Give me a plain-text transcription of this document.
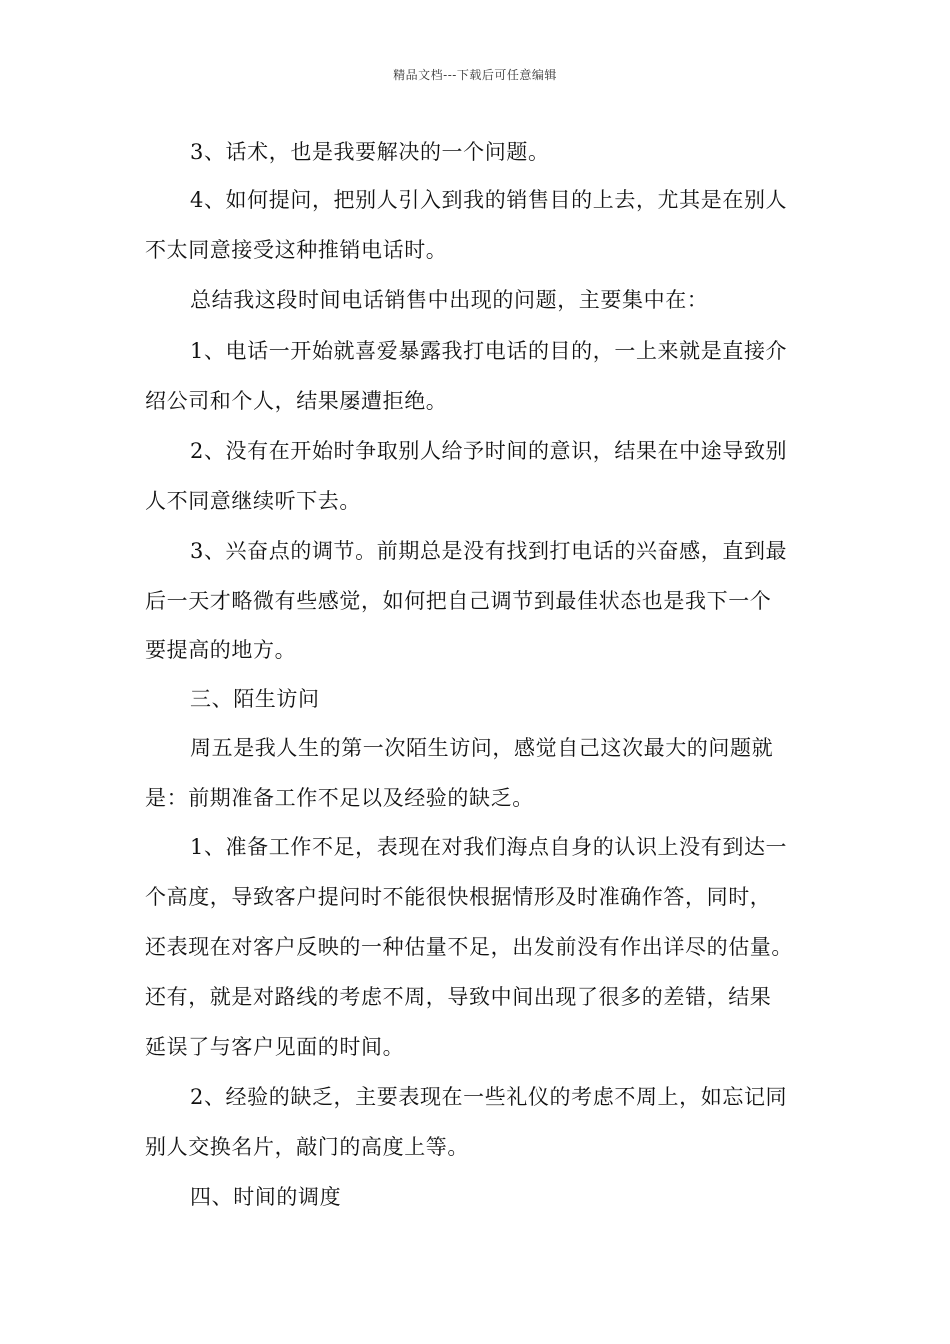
精品文档---下载后可任意编辑
3、话术，也是我要解决的一个问题。
4、如何提问，把别人引入到我的销售目的上去，尤其是在别人
不太同意接受这种推销电话时。
总结我这段时间电话销售中出现的问题，主要集中在：
1、电话一开始就喜爱暴露我打电话的目的，一上来就是直接介
绍公司和个人，结果屡遭拒绝。
2、没有在开始时争取别人给予时间的意识，结果在中途导致别
人不同意继续听下去。
3、兴奋点的调节。前期总是没有找到打电话的兴奋感，直到最
后一天才略微有些感觉，如何把自己调节到最佳状态也是我下一个
要提高的地方。
三、陌生访问
周五是我人生的第一次陌生访问，感觉自己这次最大的问题就
是：前期准备工作不足以及经验的缺乏。
1、准备工作不足，表现在对我们海点自身的认识上没有到达一
个高度，导致客户提问时不能很快根据情形及时准确作答，同时，
还表现在对客户反映的一种估量不足，出发前没有作出详尽的估量。
还有，就是对路线的考虑不周，导致中间出现了很多的差错，结果
延误了与客户见面的时间。
2、经验的缺乏，主要表现在一些礼仪的考虑不周上，如忘记同
别人交换名片，敲门的高度上等。
四、时间的调度
